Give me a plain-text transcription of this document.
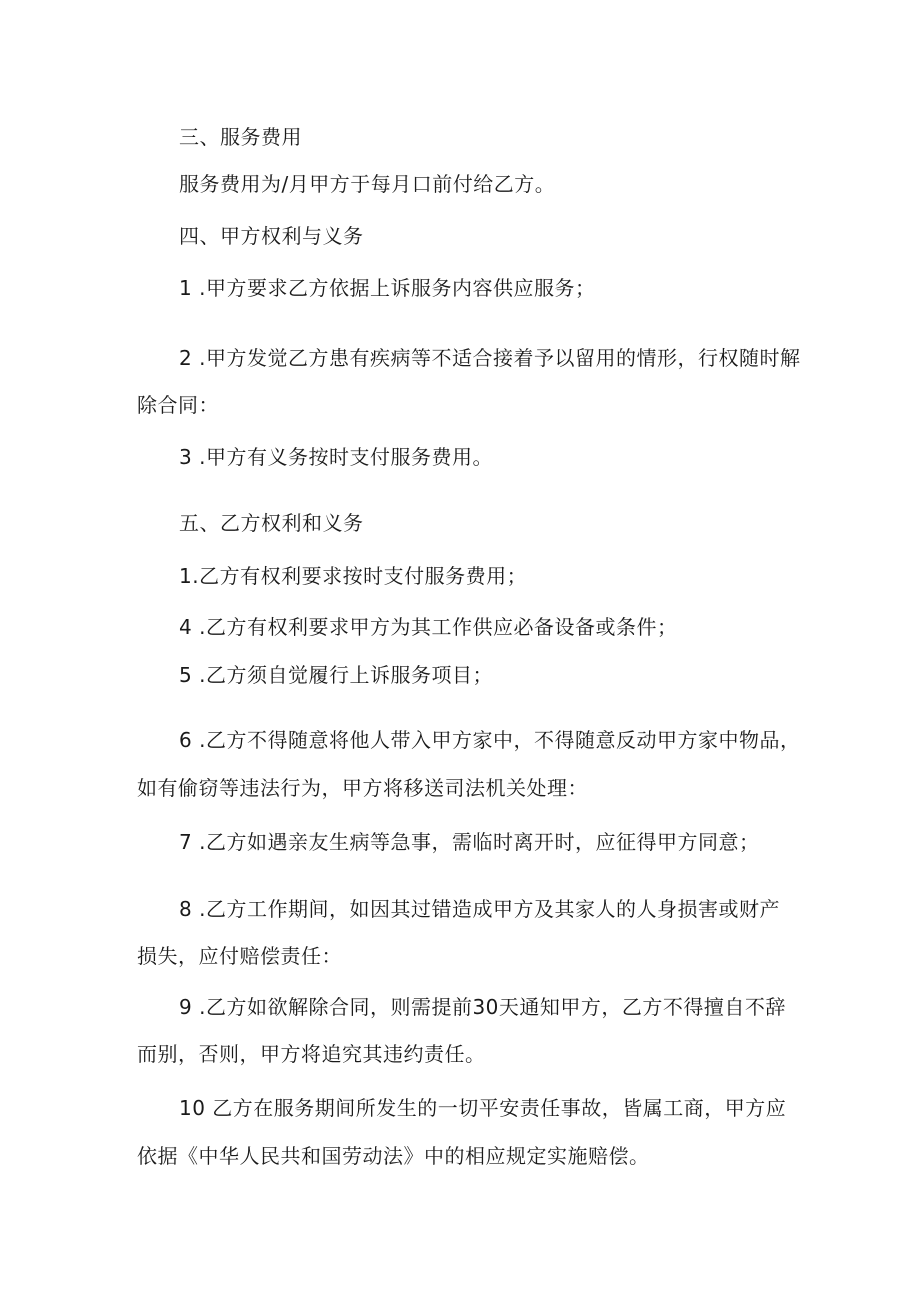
三、服务费用

服务费用为/月甲方于每月口前付给乙方。

四、甲方权利与义务

1 .甲方要求乙方依据上诉服务内容供应服务；

2 .甲方发觉乙方患有疾病等不适合接着予以留用的情形，行权随时解

除合同：

3 .甲方有义务按时支付服务费用。

五、乙方权利和义务

1.乙方有权利要求按时支付服务费用；

4 .乙方有权利要求甲方为其工作供应必备设备或条件；

5 .乙方须自觉履行上诉服务项目；

6 .乙方不得随意将他人带入甲方家中，不得随意反动甲方家中物品，

如有偷窃等违法行为，甲方将移送司法机关处理：

7 .乙方如遇亲友生病等急事，需临时离开时，应征得甲方同意；

8 .乙方工作期间，如因其过错造成甲方及其家人的人身损害或财产

损失，应付赔偿责任：

9 .乙方如欲解除合同，则需提前30天通知甲方，乙方不得擅自不辞

而别，否则，甲方将追究其违约责任。

10 乙方在服务期间所发生的一切平安责任事故，皆属工商，甲方应

依据《中华人民共和国劳动法》中的相应规定实施赔偿。
